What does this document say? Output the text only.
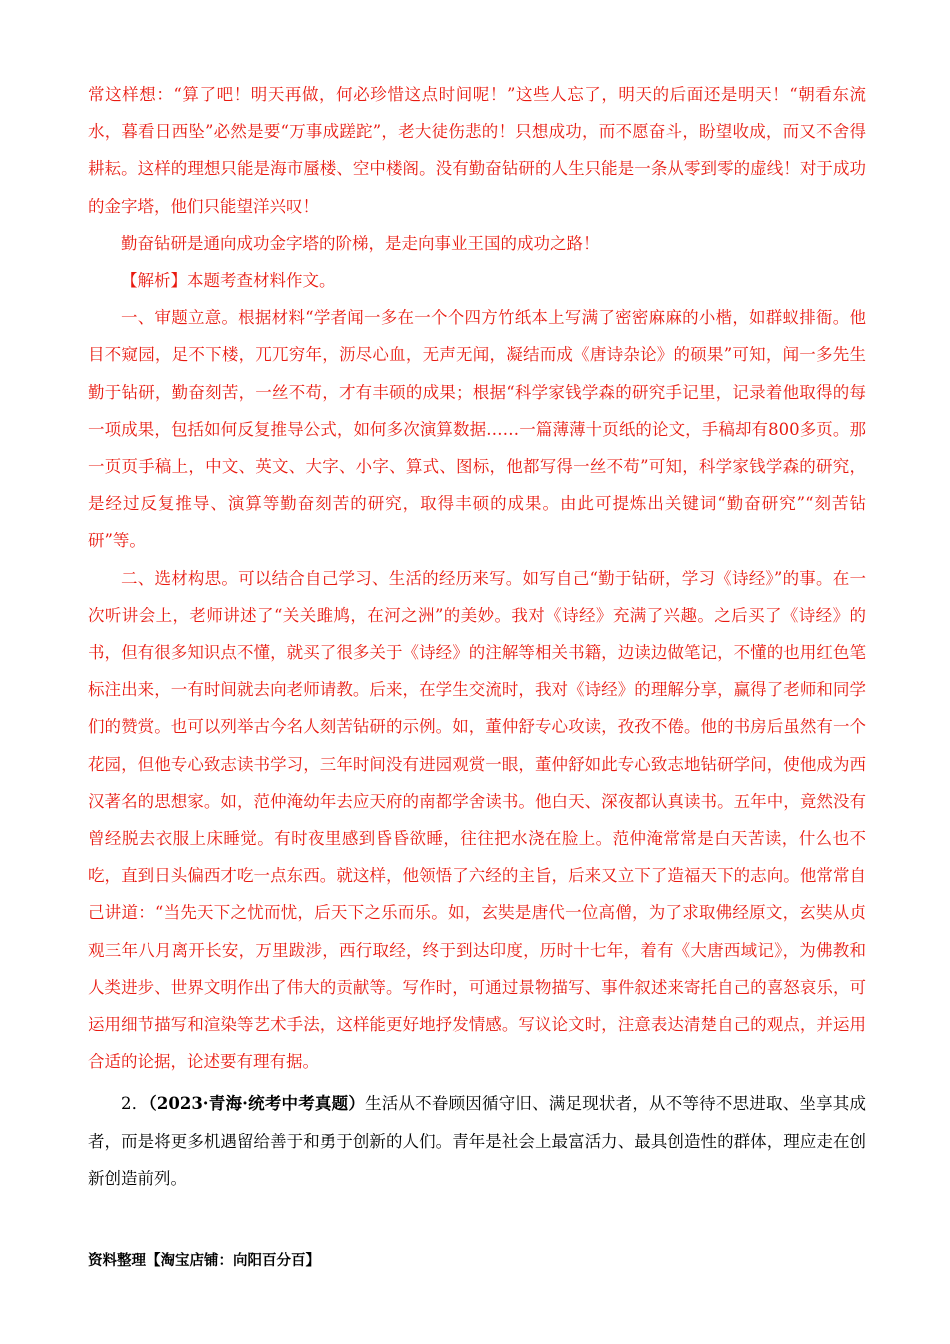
常这样想：“算了吧！明天再做，何必珍惜这点时间呢！”这些人忘了，明天的后面还是明天！“朝看东流水，暮看日西坠”必然是要“万事成蹉跎”，老大徒伤悲的！只想成功，而不愿奋斗，盼望收成，而又不舍得耕耘。这样的理想只能是海市蜃楼、空中楼阁。没有勤奋钻研的人生只能是一条从零到零的虚线！对于成功的金字塔，他们只能望洋兴叹！

勤奋钻研是通向成功金字塔的阶梯，是走向事业王国的成功之路！

【解析】本题考查材料作文。

一、审题立意。根据材料“学者闻一多在一个个四方竹纸本上写满了密密麻麻的小楷，如群蚁排衙。他目不窥园，足不下楼，兀兀穷年，沥尽心血，无声无闻，凝结而成《唐诗杂论》的硕果”可知，闻一多先生勤于钻研，勤奋刻苦，一丝不苟，才有丰硕的成果；根据“科学家钱学森的研究手记里，记录着他取得的每一项成果，包括如何反复推导公式，如何多次演算数据……一篇薄薄十页纸的论文，手稿却有800多页。那一页页手稿上，中文、英文、大字、小字、算式、图标，他都写得一丝不苟”可知，科学家钱学森的研究，是经过反复推导、演算等勤奋刻苦的研究，取得丰硕的成果。由此可提炼出关键词“勤奋研究”“刻苦钻研”等。

二、选材构思。可以结合自己学习、生活的经历来写。如写自己“勤于钻研，学习《诗经》”的事。在一次听讲会上，老师讲述了“关关雎鸠，在河之洲”的美妙。我对《诗经》充满了兴趣。之后买了《诗经》的书，但有很多知识点不懂，就买了很多关于《诗经》的注解等相关书籍，边读边做笔记，不懂的也用红色笔标注出来，一有时间就去向老师请教。后来，在学生交流时，我对《诗经》的理解分享，赢得了老师和同学们的赞赏。也可以列举古今名人刻苦钻研的示例。如，董仲舒专心攻读，孜孜不倦。他的书房后虽然有一个花园，但他专心致志读书学习，三年时间没有进园观赏一眼，董仲舒如此专心致志地钻研学问，使他成为西汉著名的思想家。如，范仲淹幼年去应天府的南都学舍读书。他白天、深夜都认真读书。五年中，竟然没有曾经脱去衣服上床睡觉。有时夜里感到昏昏欲睡，往往把水浇在脸上。范仲淹常常是白天苦读，什么也不吃，直到日头偏西才吃一点东西。就这样，他领悟了六经的主旨，后来又立下了造福天下的志向。他常常自己讲道：“当先天下之忧而忧，后天下之乐而乐。如，玄奘是唐代一位高僧，为了求取佛经原文，玄奘从贞观三年八月离开长安，万里跋涉，西行取经，终于到达印度，历时十七年，着有《大唐西域记》，为佛教和人类进步、世界文明作出了伟大的贡献等。写作时，可通过景物描写、事件叙述来寄托自己的喜怒哀乐，可运用细节描写和渲染等艺术手法，这样能更好地抒发情感。写议论文时，注意表达清楚自己的观点，并运用合适的论据，论述要有理有据。

2．（2023·青海·统考中考真题）生活从不眷顾因循守旧、满足现状者，从不等待不思进取、坐享其成者，而是将更多机遇留给善于和勇于创新的人们。青年是社会上最富活力、最具创造性的群体，理应走在创新创造前列。

资料整理【淘宝店铺：向阳百分百】
